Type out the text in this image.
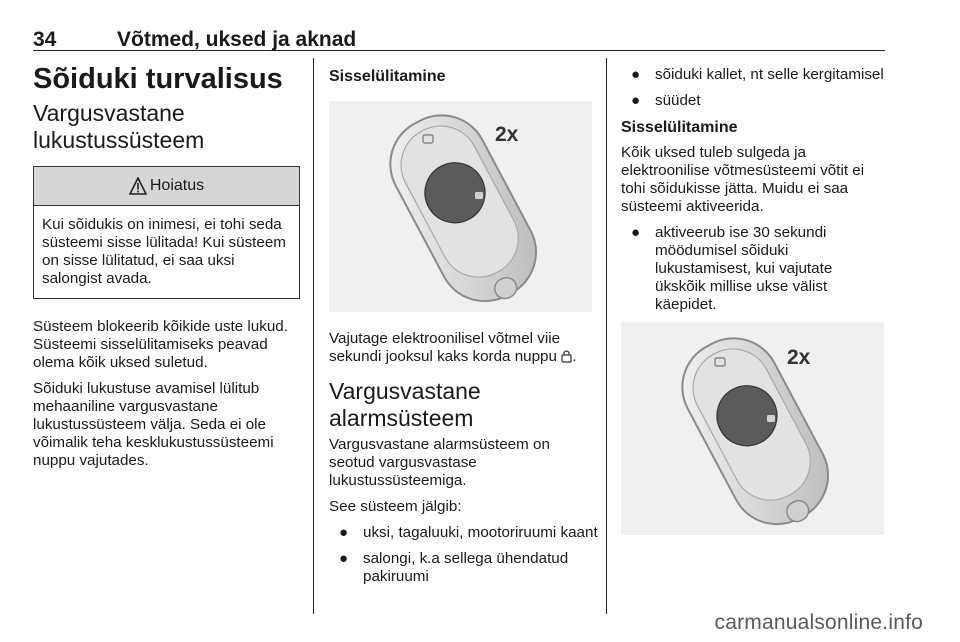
34	Võtmed, uksed ja aknad
Sõiduki turvalisus
Vargusvastane lukustussüsteem
Hoiatus
Kui sõidukis on inimesi, ei tohi seda süsteemi sisse lülitada! Kui süsteem on sisse lülitatud, ei saa uksi salongist avada.

Süsteem blokeerib kõikide uste lukud. Süsteemi sisselülitamiseks peavad olema kõik uksed suletud.

Sõiduki lukustuse avamisel lülitub mehaaniline vargusvastane lukustussüsteem välja. Seda ei ole võimalik teha kesklukustussüsteemi nuppu vajutades.

Sisselülitamine
2x

Vajutage elektroonilisel võtmel viie sekundi jooksul kaks korda nuppu .

Vargusvastane alarmsüsteem

Vargusvastane alarmsüsteem on seotud vargusvastase lukustussüsteemiga.

See süsteem jälgib:

● uksi, tagaluuki, mootoriruumi kaant
● salongi, k.a sellega ühendatud pakiruumi
● sõiduki kallet, nt selle kergitamisel
● süüdet
Sisselülitamine

Kõik uksed tuleb sulgeda ja elektroonilise võtmesüsteemi võtit ei tohi sõidukisse jätta. Muidu ei saa süsteemi aktiveerida.

● aktiveerub ise 30 sekundi möödumisel sõiduki lukustamisest, kui vajutate ükskõik millise ukse välist käepidet.
2x
carmanualsonline.info
